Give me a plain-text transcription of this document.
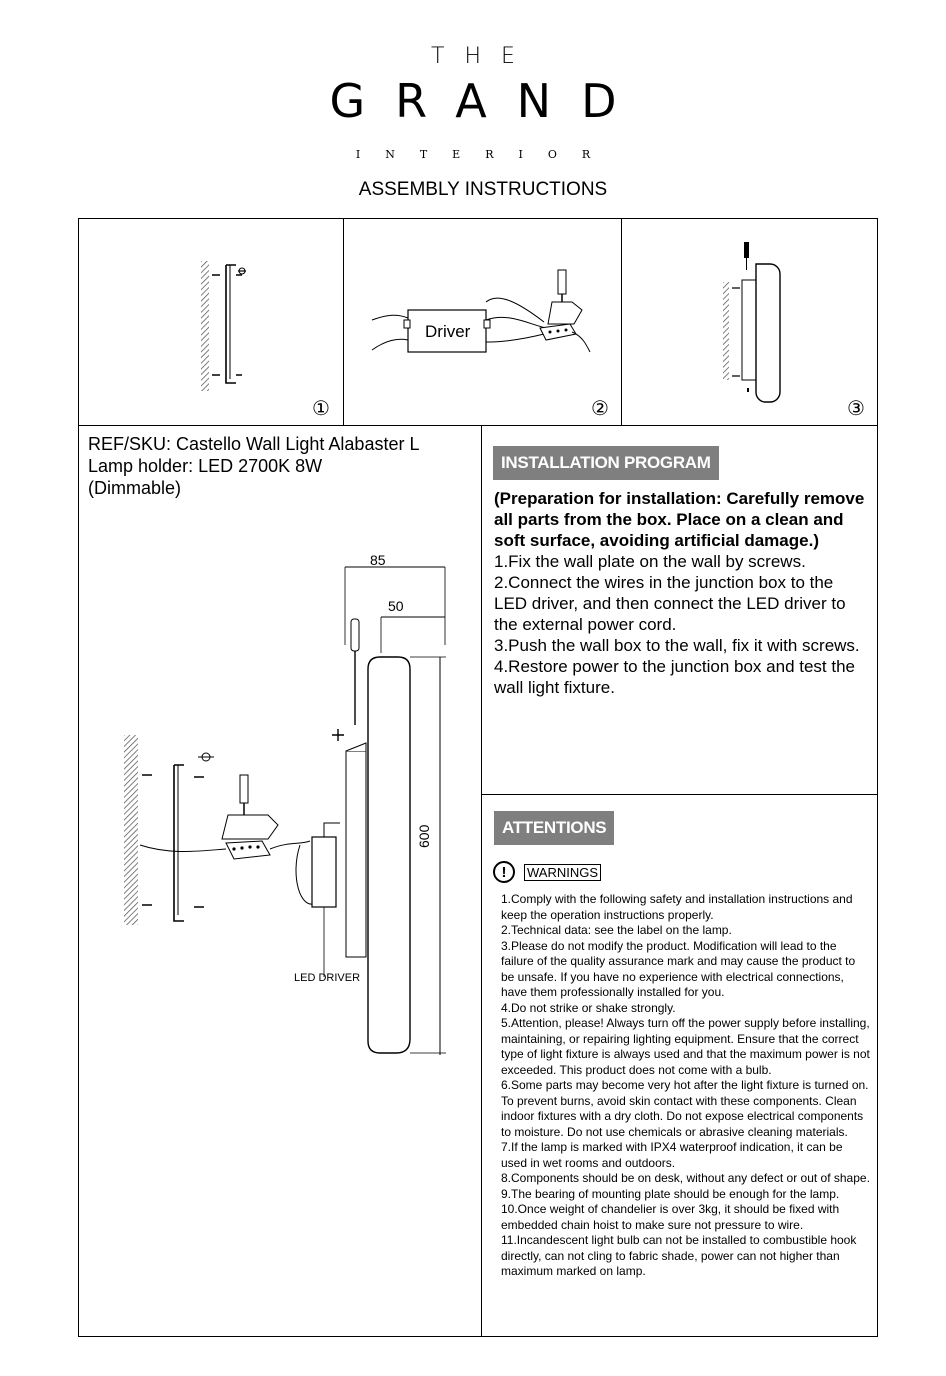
THE
GRAND
INTERIOR
ASSEMBLY INSTRUCTIONS
Driver
①	②	③
REF/SKU: Castello Wall Light Alabaster L
Lamp holder: LED 2700K 8W
(Dimmable)
85
50
600
LED DRIVER
INSTALLATION PROGRAM
(Preparation for installation: Carefully remove all parts from the box. Place on a clean and soft surface, avoiding artificial damage.)
1.Fix the wall plate on the wall by screws.
2.Connect the wires in the junction box to the LED driver, and then connect the LED driver to the external power cord.
3.Push the wall box to the wall, fix it with screws.
4.Restore power to the junction box and test the wall light fixture.
ATTENTIONS
!	WARNINGS

1.Comply with the following safety and installation instructions and keep the operation instructions properly.

2.Technical data: see the label on the lamp.

3.Please do not modify the product. Modification will lead to the failure of the quality assurance mark and may cause the product to be unsafe. If you have no experience with electrical connections, have them professionally installed for you.

4.Do not strike or shake strongly.

5.Attention, please! Always turn off the power supply before installing, maintaining, or repairing lighting equipment. Ensure that the correct type of light fixture is always used and that the maximum power is not exceeded. This product does not come with a bulb.

6.Some parts may become very hot after the light fixture is turned on. To prevent burns, avoid skin contact with these components. Clean indoor fixtures with a dry cloth. Do not expose electrical components to moisture. Do not use chemicals or abrasive cleaning materials.

7.If the lamp is marked with IPX4 waterproof indication, it can be used in wet rooms and outdoors.

8.Components should be on desk, without any defect or out of shape.

9.The bearing of mounting plate should be enough for the lamp.

10.Once weight of chandelier is over 3kg, it should be fixed with embedded chain hoist to make sure not pressure to wire.

11.Incandescent light bulb can not be installed to combustible hook directly, can not cling to fabric shade, power can not higher than maximum marked on lamp.
